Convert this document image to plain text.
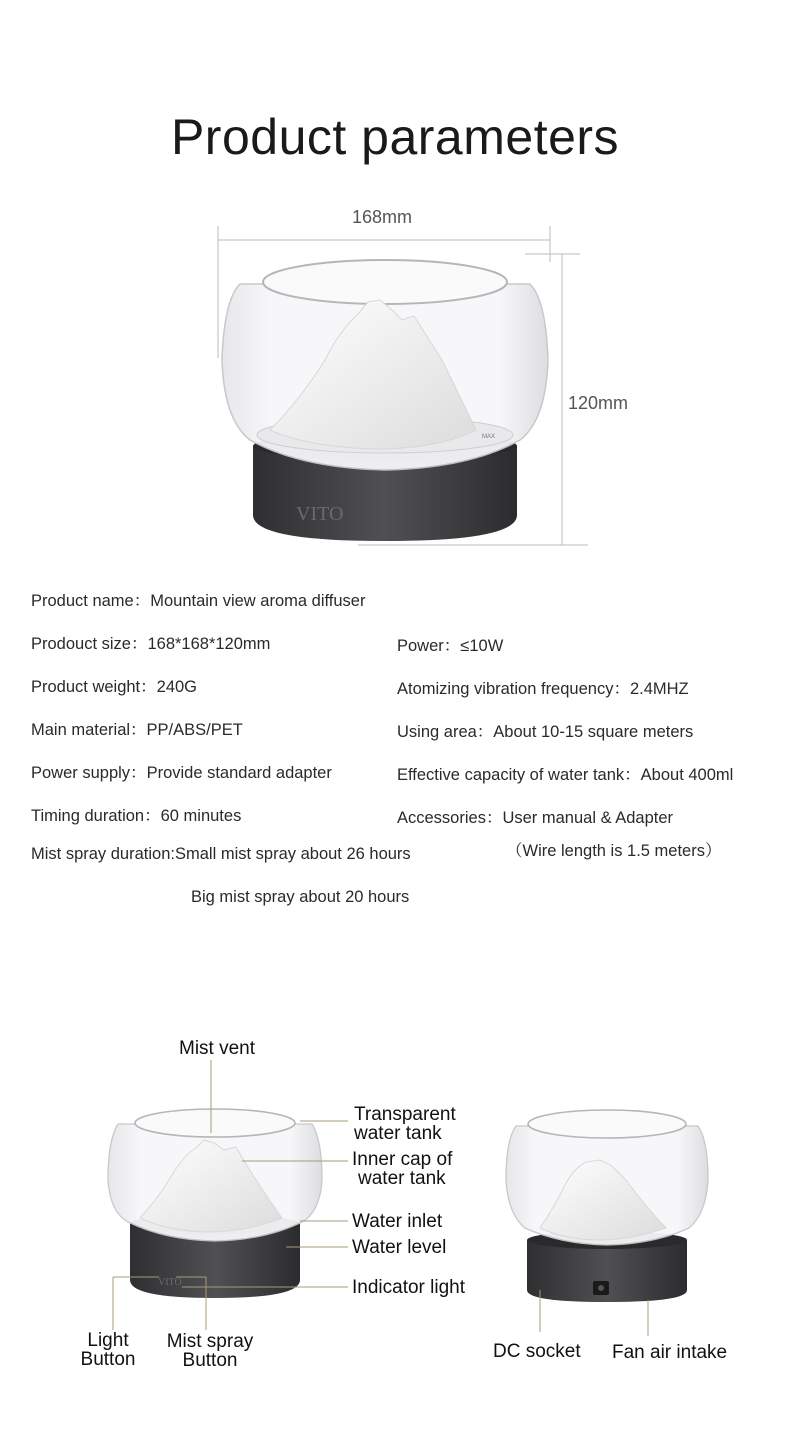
Product parameters
VITO
MAX
168mm
120mm
Product name：Mountain view aroma diffuser
Prodouct size：168*168*120mm
Product weight：240G
Main material：PP/ABS/PET
Power supply：Provide standard adapter
Timing duration：60 minutes
Mist spray duration:Small mist spray about 26 hours
Big mist spray about 20 hours
Power：≤10W
Atomizing vibration frequency：2.4MHZ
Using area：About 10-15 square meters
Effective capacity of water tank：About 400ml
Accessories：User manual & Adapter
（Wire length is 1.5 meters）
VITO
Mist vent
Transparent
water tank
Inner cap of
water tank
Water inlet
Water level
Indicator light
Light
Button
Mist spray
Button	DC socket Fan air intake
